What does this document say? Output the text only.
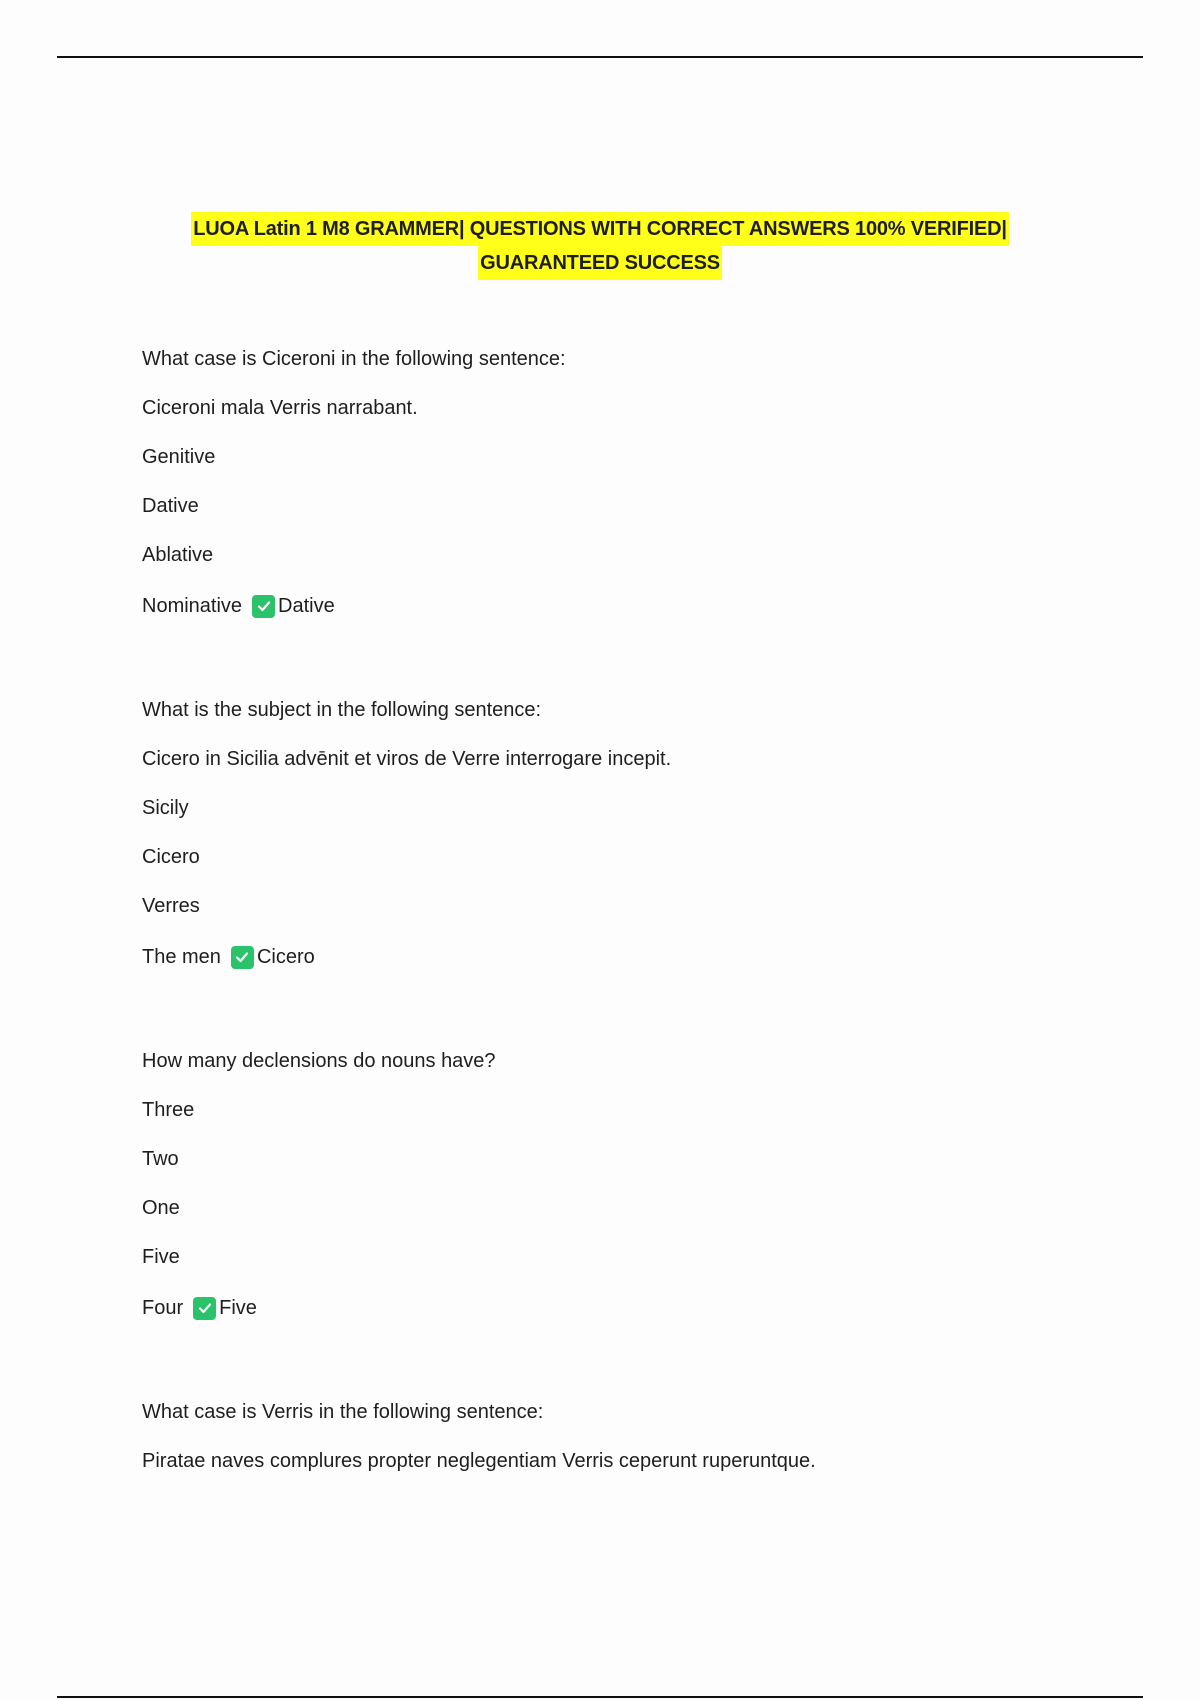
LUOA Latin 1 M8 GRAMMER| QUESTIONS WITH CORRECT ANSWERS 100% VERIFIED|
GUARANTEED SUCCESS
What case is Ciceroni in the following sentence:
Ciceroni mala Verris narrabant.
Genitive
Dative
Ablative
Nominative Dative
What is the subject in the following sentence:
Cicero in Sicilia advēnit et viros de Verre interrogare incepit.
Sicily
Cicero
Verres
The men Cicero
How many declensions do nouns have?
Three
Two
One
Five
Four Five
What case is Verris in the following sentence:
Piratae naves complures propter neglegentiam Verris ceperunt ruperuntque.
